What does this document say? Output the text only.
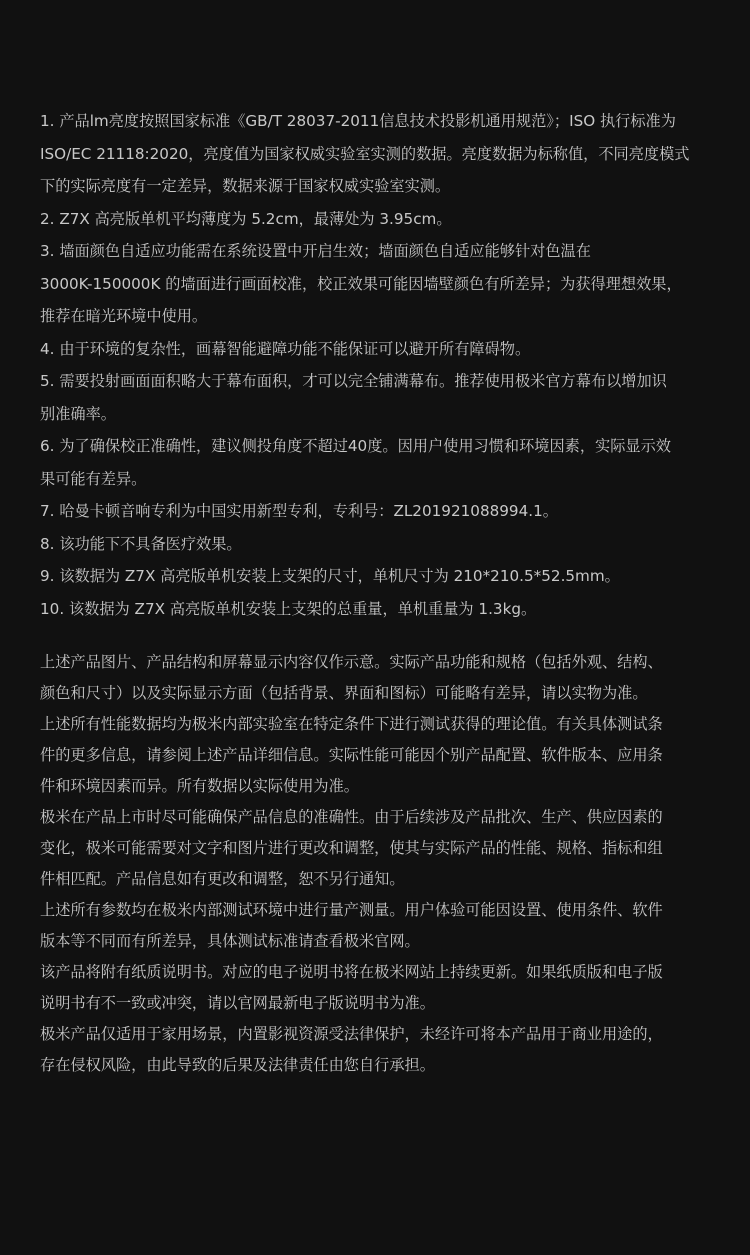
1. 产品lm亮度按照国家标准《GB/T 28037-2011信息技术投影机通用规范》；ISO 执行标准为
ISO/EC 21118:2020，亮度值为国家权威实验室实测的数据。亮度数据为标称值，不同亮度模式
下的实际亮度有一定差异，数据来源于国家权威实验室实测。

2. Z7X 高亮版单机平均薄度为 5.2cm，最薄处为 3.95cm。

3. 墙面颜色自适应功能需在系统设置中开启生效；墙面颜色自适应能够针对色温在
3000K-150000K 的墙面进行画面校准，校正效果可能因墙壁颜色有所差异；为获得理想效果，
推荐在暗光环境中使用。

4. 由于环境的复杂性，画幕智能避障功能不能保证可以避开所有障碍物。

5. 需要投射画面面积略大于幕布面积，才可以完全铺满幕布。推荐使用极米官方幕布以增加识
别准确率。

6. 为了确保校正准确性，建议侧投角度不超过40度。因用户使用习惯和环境因素，实际显示效
果可能有差异。

7. 哈曼卡顿音响专利为中国实用新型专利，专利号：ZL201921088994.1。

8. 该功能下不具备医疗效果。

9. 该数据为 Z7X 高亮版单机安装上支架的尺寸，单机尺寸为 210*210.5*52.5mm。

10. 该数据为 Z7X 高亮版单机安装上支架的总重量，单机重量为 1.3kg。

上述产品图片、产品结构和屏幕显示内容仅作示意。实际产品功能和规格（包括外观、结构、
颜色和尺寸）以及实际显示方面（包括背景、界面和图标）可能略有差异，请以实物为准。

上述所有性能数据均为极米内部实验室在特定条件下进行测试获得的理论值。有关具体测试条
件的更多信息，请参阅上述产品详细信息。实际性能可能因个别产品配置、软件版本、应用条
件和环境因素而异。所有数据以实际使用为准。

极米在产品上市时尽可能确保产品信息的准确性。由于后续涉及产品批次、生产、供应因素的
变化，极米可能需要对文字和图片进行更改和调整，使其与实际产品的性能、规格、指标和组
件相匹配。产品信息如有更改和调整，恕不另行通知。

上述所有参数均在极米内部测试环境中进行量产测量。用户体验可能因设置、使用条件、软件
版本等不同而有所差异，具体测试标准请查看极米官网。

该产品将附有纸质说明书。对应的电子说明书将在极米网站上持续更新。如果纸质版和电子版
说明书有不一致或冲突，请以官网最新电子版说明书为准。

极米产品仅适用于家用场景，内置影视资源受法律保护，未经许可将本产品用于商业用途的，
存在侵权风险，由此导致的后果及法律责任由您自行承担。
